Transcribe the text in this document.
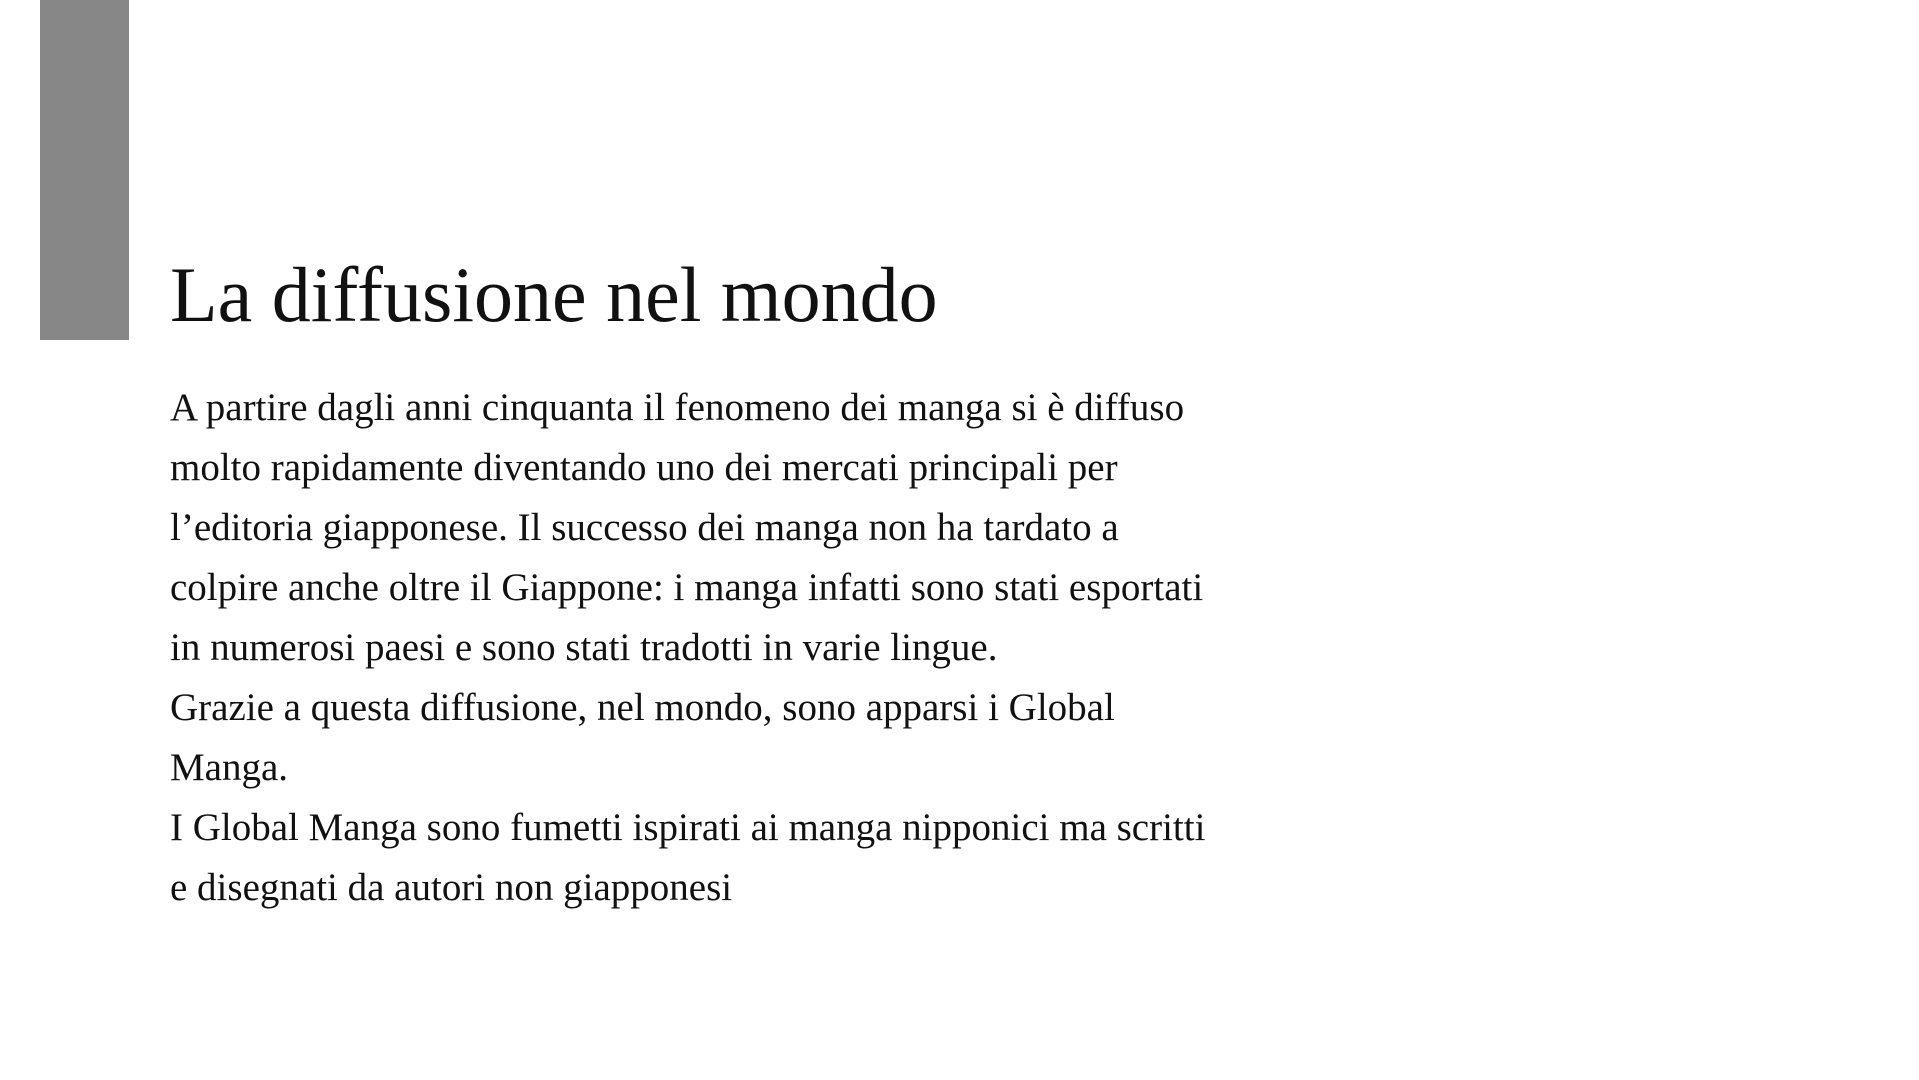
La diffusione nel mondo
A partire dagli anni cinquanta il fenomeno dei manga si è diffuso
molto rapidamente diventando uno dei mercati principali per
l’editoria giapponese. Il successo dei manga non ha tardato a
colpire anche oltre il Giappone: i manga infatti sono stati esportati
in numerosi paesi e sono stati tradotti in varie lingue.
Grazie a questa diffusione, nel mondo, sono apparsi i Global
Manga.
I Global Manga sono fumetti ispirati ai manga nipponici ma scritti
e disegnati da autori non giapponesi
